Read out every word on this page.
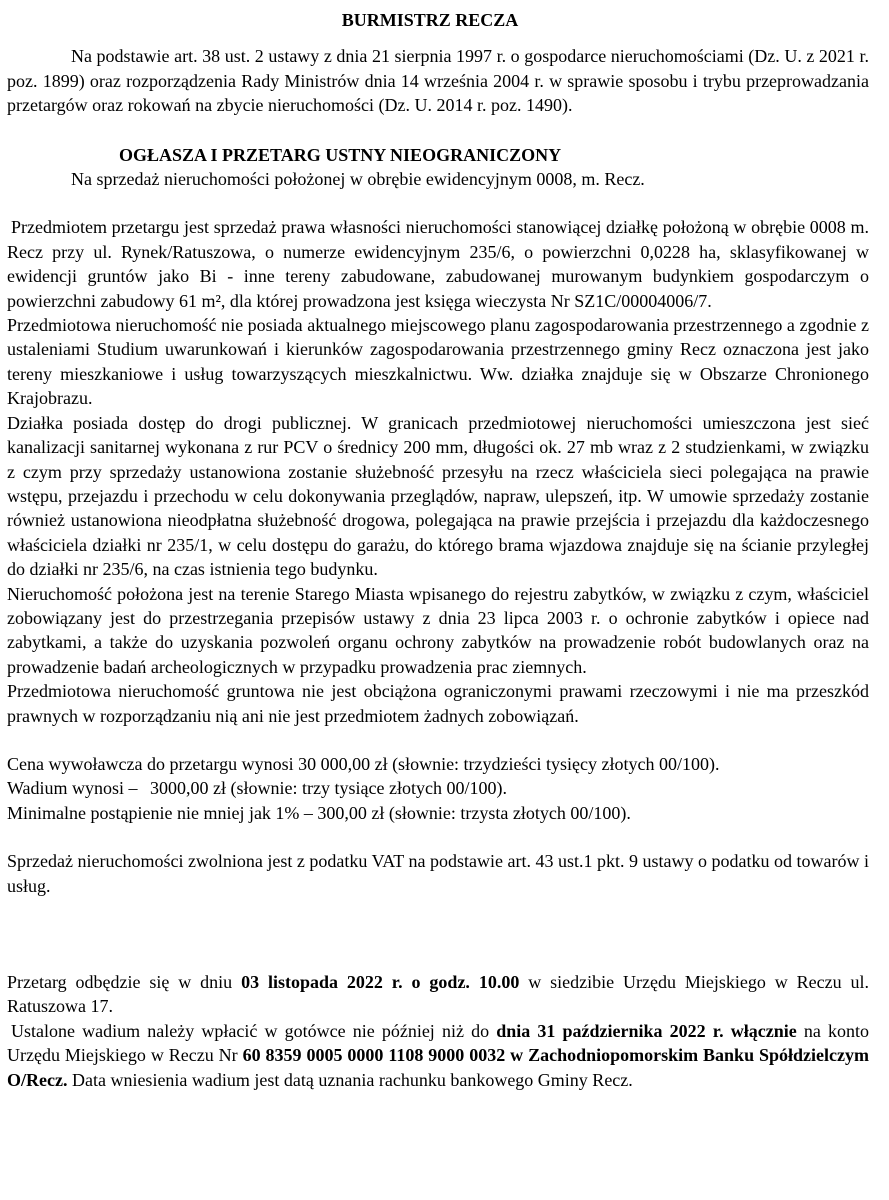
BURMISTRZ RECZA

Na podstawie art. 38 ust. 2 ustawy z dnia 21 sierpnia 1997 r. o gospodarce nieruchomościami (Dz. U. z 2021 r. poz. 1899) oraz rozporządzenia Rady Ministrów dnia 14 września 2004 r. w sprawie sposobu i trybu przeprowadzania przetargów oraz rokowań na zbycie nieruchomości (Dz. U. 2014 r. poz. 1490).

OGŁASZA I PRZETARG USTNY NIEOGRANICZONY
Na sprzedaż nieruchomości położonej w obrębie ewidencyjnym 0008, m. Recz.

Przedmiotem przetargu jest sprzedaż prawa własności nieruchomości stanowiącej działkę położoną w obrębie 0008 m. Recz przy ul. Rynek/Ratuszowa, o numerze ewidencyjnym 235/6, o powierzchni 0,0228 ha, sklasyfikowanej w ewidencji gruntów jako Bi - inne tereny zabudowane, zabudowanej murowanym budynkiem gospodarczym o powierzchni zabudowy 61 m², dla której prowadzona jest księga wieczysta Nr SZ1C/00004006/7.

Przedmiotowa nieruchomość nie posiada aktualnego miejscowego planu zagospodarowania przestrzennego a zgodnie z ustaleniami Studium uwarunkowań i kierunków zagospodarowania przestrzennego gminy Recz oznaczona jest jako tereny mieszkaniowe i usług towarzyszących mieszkalnictwu. Ww. działka znajduje się w Obszarze Chronionego Krajobrazu.

Działka posiada dostęp do drogi publicznej. W granicach przedmiotowej nieruchomości umieszczona jest sieć kanalizacji sanitarnej wykonana z rur PCV o średnicy 200 mm, długości ok. 27 mb wraz z 2 studzienkami, w związku z czym przy sprzedaży ustanowiona zostanie służebność przesyłu na rzecz właściciela sieci polegająca na prawie wstępu, przejazdu i przechodu w celu dokonywania przeglądów, napraw, ulepszeń, itp. W umowie sprzedaży zostanie również ustanowiona nieodpłatna służebność drogowa, polegająca na prawie przejścia i przejazdu dla każdoczesnego właściciela działki nr 235/1, w celu dostępu do garażu, do którego brama wjazdowa znajduje się na ścianie przyległej do działki nr 235/6, na czas istnienia tego budynku.

Nieruchomość położona jest na terenie Starego Miasta wpisanego do rejestru zabytków, w związku z czym, właściciel zobowiązany jest do przestrzegania przepisów ustawy z dnia 23 lipca 2003 r. o ochronie zabytków i opiece nad zabytkami, a także do uzyskania pozwoleń organu ochrony zabytków na prowadzenie robót budowlanych oraz na prowadzenie badań archeologicznych w przypadku prowadzenia prac ziemnych.

Przedmiotowa nieruchomość gruntowa nie jest obciążona ograniczonymi prawami rzeczowymi i nie ma przeszkód prawnych w rozporządzaniu nią ani nie jest przedmiotem żadnych zobowiązań.

Cena wywoławcza do przetargu wynosi 30 000,00 zł (słownie: trzydzieści tysięcy złotych 00/100).
Wadium wynosi – 3000,00 zł (słownie: trzy tysiące złotych 00/100).
Minimalne postąpienie nie mniej jak 1% – 300,00 zł (słownie: trzysta złotych 00/100).

Sprzedaż nieruchomości zwolniona jest z podatku VAT na podstawie art. 43 ust.1 pkt. 9 ustawy o podatku od towarów i usług.

Przetarg odbędzie się w dniu 03 listopada 2022 r. o godz. 10.00 w siedzibie Urzędu Miejskiego w Reczu ul. Ratuszowa 17.

Ustalone wadium należy wpłacić w gotówce nie później niż do dnia 31 października 2022 r. włącznie na konto Urzędu Miejskiego w Reczu Nr 60 8359 0005 0000 1108 9000 0032 w Zachodniopomorskim Banku Spółdzielczym O/Recz. Data wniesienia wadium jest datą uznania rachunku bankowego Gminy Recz.
